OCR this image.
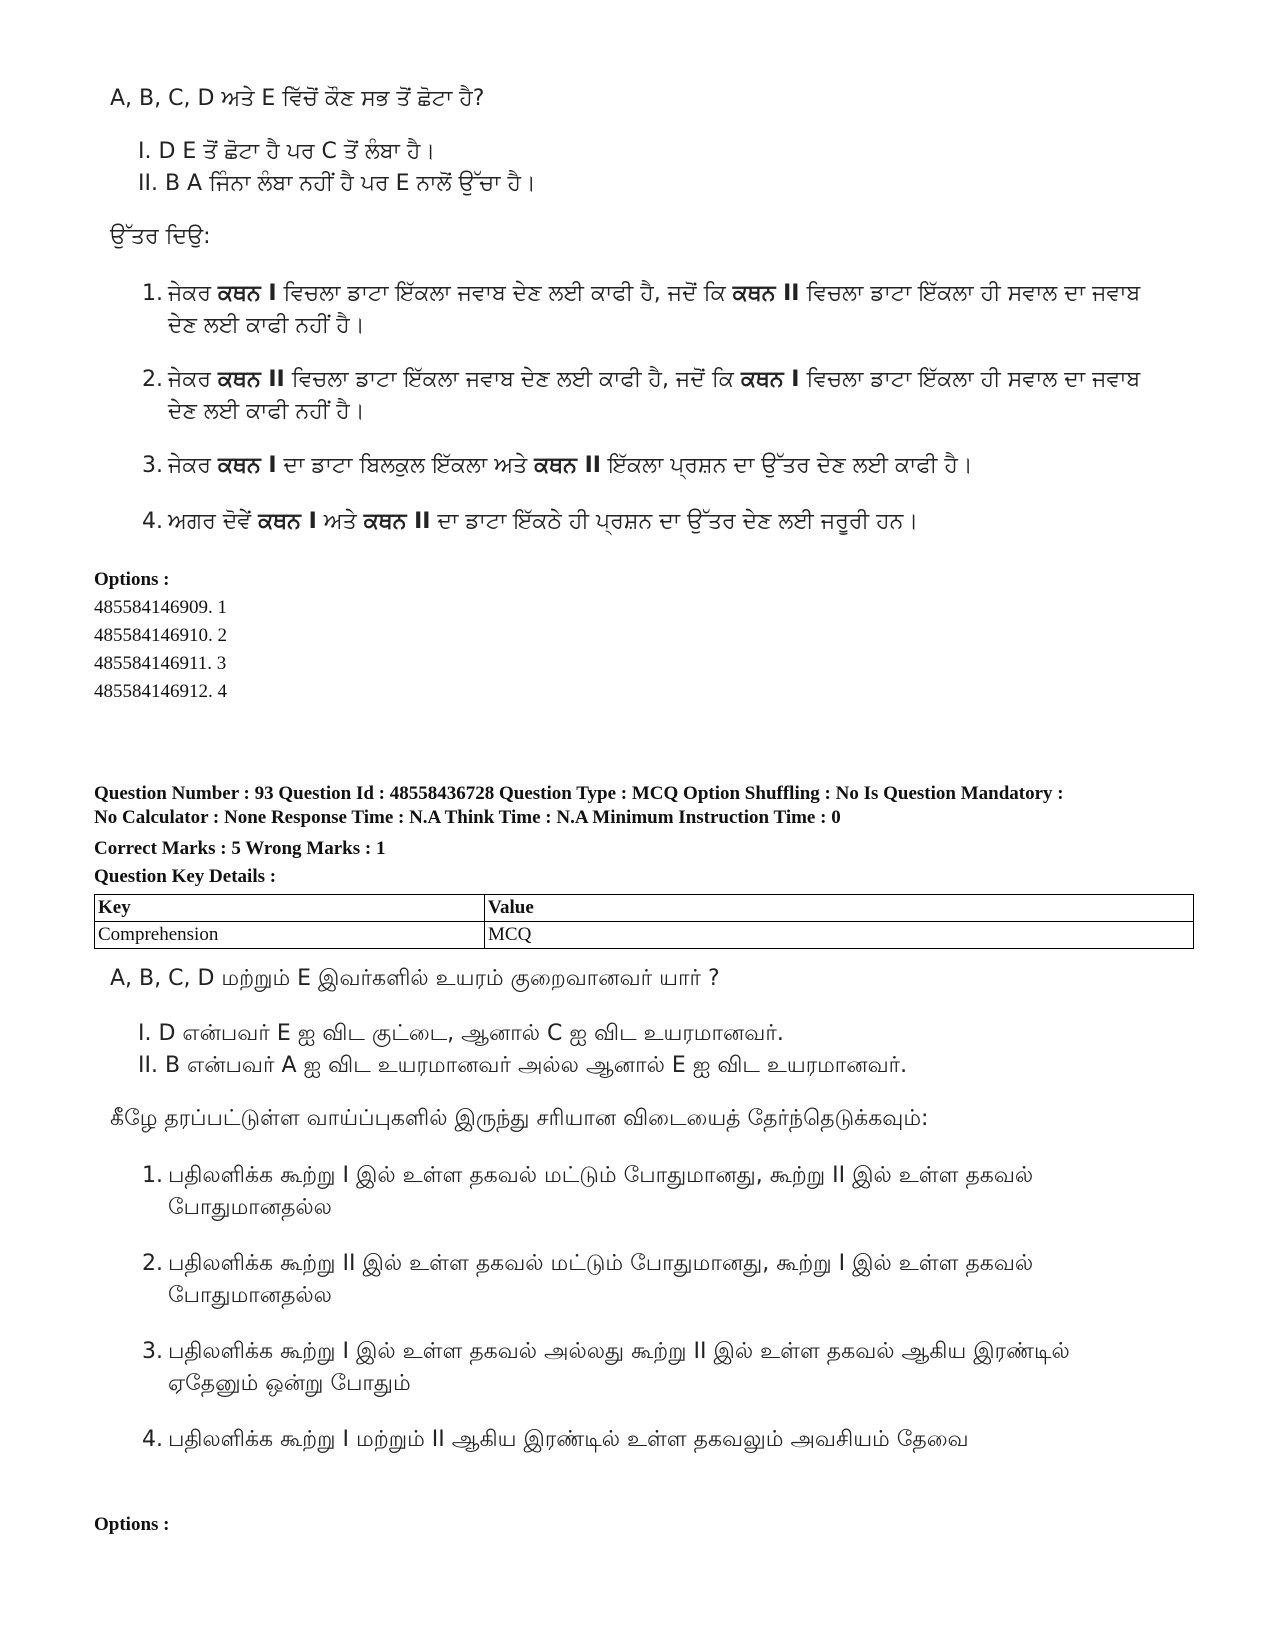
A, B, C, D ਅਤੇ E ਵਿੱਚੋਂ ਕੌਣ ਸਭ ਤੋਂ ਛੋਟਾ ਹੈ?
I. D E ਤੋਂ ਛੋਟਾ ਹੈ ਪਰ C ਤੋਂ ਲੰਬਾ ਹੈ।
II. B A ਜਿੰਨਾ ਲੰਬਾ ਨਹੀਂ ਹੈ ਪਰ E ਨਾਲੋਂ ਉੱਚਾ ਹੈ।
ਉੱਤਰ ਦਿਉ:
1. ਜੇਕਰ ਕਥਨ I ਵਿਚਲਾ ਡਾਟਾ ਇੱਕਲਾ ਜਵਾਬ ਦੇਣ ਲਈ ਕਾਫੀ ਹੈ, ਜਦੋਂ ਕਿ ਕਥਨ II ਵਿਚਲਾ ਡਾਟਾ ਇੱਕਲਾ ਹੀ ਸਵਾਲ ਦਾ ਜਵਾਬ ਦੇਣ ਲਈ ਕਾਫੀ ਨਹੀਂ ਹੈ।
2. ਜੇਕਰ ਕਥਨ II ਵਿਚਲਾ ਡਾਟਾ ਇੱਕਲਾ ਜਵਾਬ ਦੇਣ ਲਈ ਕਾਫੀ ਹੈ, ਜਦੋਂ ਕਿ ਕਥਨ I ਵਿਚਲਾ ਡਾਟਾ ਇੱਕਲਾ ਹੀ ਸਵਾਲ ਦਾ ਜਵਾਬ ਦੇਣ ਲਈ ਕਾਫੀ ਨਹੀਂ ਹੈ।
3. ਜੇਕਰ ਕਥਨ I ਦਾ ਡਾਟਾ ਬਿਲਕੁਲ ਇੱਕਲਾ ਅਤੇ ਕਥਨ II ਇੱਕਲਾ ਪ੍ਰਸ਼ਨ ਦਾ ਉੱਤਰ ਦੇਣ ਲਈ ਕਾਫੀ ਹੈ।
4. ਅਗਰ ਦੋਵੇਂ ਕਥਨ I ਅਤੇ ਕਥਨ II ਦਾ ਡਾਟਾ ਇੱਕਠੇ ਹੀ ਪ੍ਰਸ਼ਨ ਦਾ ਉੱਤਰ ਦੇਣ ਲਈ ਜਰੂਰੀ ਹਨ।
Options :
485584146909. 1
485584146910. 2
485584146911. 3
485584146912. 4
Question Number : 93 Question Id : 48558436728 Question Type : MCQ Option Shuffling : No Is Question Mandatory :
No Calculator : None Response Time : N.A Think Time : N.A Minimum Instruction Time : 0
Correct Marks : 5 Wrong Marks : 1
Question Key Details :
Key	Value
Comprehension	MCQ
A, B, C, D மற்றும் E இவர்களில் உயரம் குறைவானவர் யார் ?
I. D என்பவர் E ஐ விட குட்டை, ஆனால் C ஐ விட உயரமானவர்.
II. B என்பவர் A ஐ விட உயரமானவர் அல்ல ஆனால் E ஐ விட உயரமானவர்.
கீழே தரப்பட்டுள்ள வாய்ப்புகளில் இருந்து சரியான விடையைத் தேர்ந்தெடுக்கவும்:
1. பதிலளிக்க கூற்று I இல் உள்ள தகவல் மட்டும் போதுமானது, கூற்று II இல் உள்ள தகவல் போதுமானதல்ல
2. பதிலளிக்க கூற்று II இல் உள்ள தகவல் மட்டும் போதுமானது, கூற்று I இல் உள்ள தகவல் போதுமானதல்ல
3. பதிலளிக்க கூற்று I இல் உள்ள தகவல் அல்லது கூற்று II இல் உள்ள தகவல் ஆகிய இரண்டில் ஏதேனும் ஒன்று போதும்
4. பதிலளிக்க கூற்று I மற்றும் II ஆகிய இரண்டில் உள்ள தகவலும் அவசியம் தேவை
Options :
